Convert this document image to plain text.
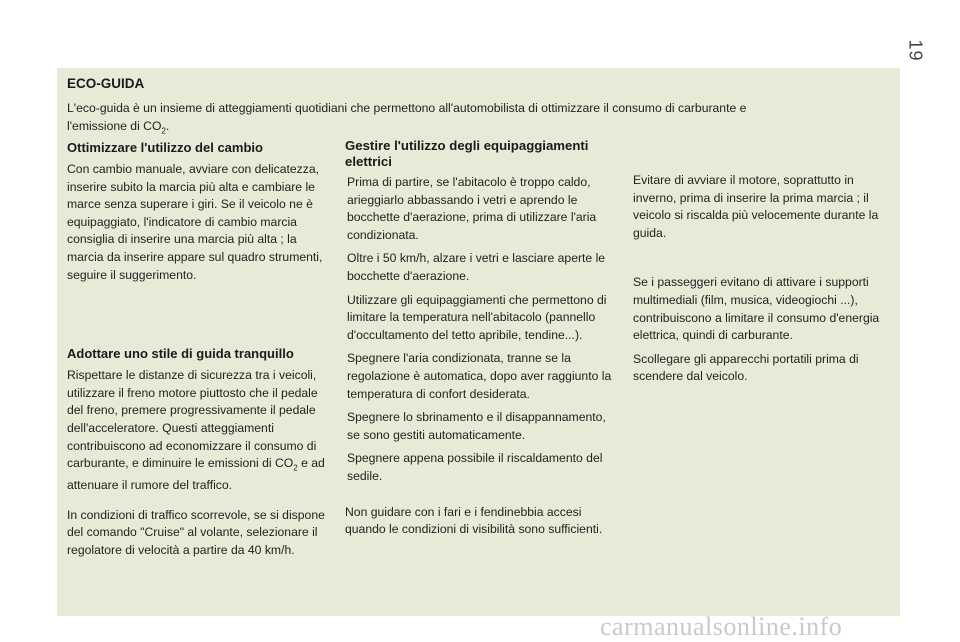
19
ECO-GUIDA
L'eco-guida è un insieme di atteggiamenti quotidiani che permettono all'automobilista di ottimizzare il consumo di carburante e
l'emissione di $CO_2$.

Ottimizzare l'utilizzo del cambio

Con cambio manuale, avviare con delicatezza, inserire subito la marcia più alta e cambiare le marce senza superare i giri. Se il veicolo ne è equipaggiato, l'indicatore di cambio marcia consiglia di inserire una marcia più alta ; la marcia da inserire appare sul quadro strumenti, seguire il suggerimento.

Adottare uno stile di guida tranquillo

Rispettare le distanze di sicurezza tra i veicoli, utilizzare il freno motore piuttosto che il pedale del freno, premere progressivamente il pedale dell'acceleratore. Questi atteggiamenti contribuiscono ad economizzare il consumo di carburante, e diminuire le emissioni di $CO_2$ e ad attenuare il rumore del traffico.

In condizioni di traffico scorrevole, se si dispone del comando "Cruise" al volante, selezionare il regolatore di velocità a partire da 40 km/h.

Gestire l'utilizzo degli equipaggiamenti elettrici

Prima di partire, se l'abitacolo è troppo caldo, arieggiarlo abbassando i vetri e aprendo le bocchette d'aerazione, prima di utilizzare l'aria condizionata.

Oltre i 50 km/h, alzare i vetri e lasciare aperte le bocchette d'aerazione.

Utilizzare gli equipaggiamenti che permettono di limitare la temperatura nell'abitacolo (pannello d'occultamento del tetto apribile, tendine...).

Spegnere l'aria condizionata, tranne se la regolazione è automatica, dopo aver raggiunto la temperatura di confort desiderata.

Spegnere lo sbrinamento e il disappannamento, se sono gestiti automaticamente.

Spegnere appena possibile il riscaldamento del sedile.

Non guidare con i fari e i fendinebbia accesi quando le condizioni di visibilità sono sufficienti.

Evitare di avviare il motore, soprattutto in inverno, prima di inserire la prima marcia ; il veicolo si riscalda più velocemente durante la guida.

Se i passeggeri evitano di attivare i supporti multimediali (film, musica, videogiochi ...), contribuiscono a limitare il consumo d'energia elettrica, quindi di carburante.

Scollegare gli apparecchi portatili prima di scendere dal veicolo.

carmanualsonline.info
